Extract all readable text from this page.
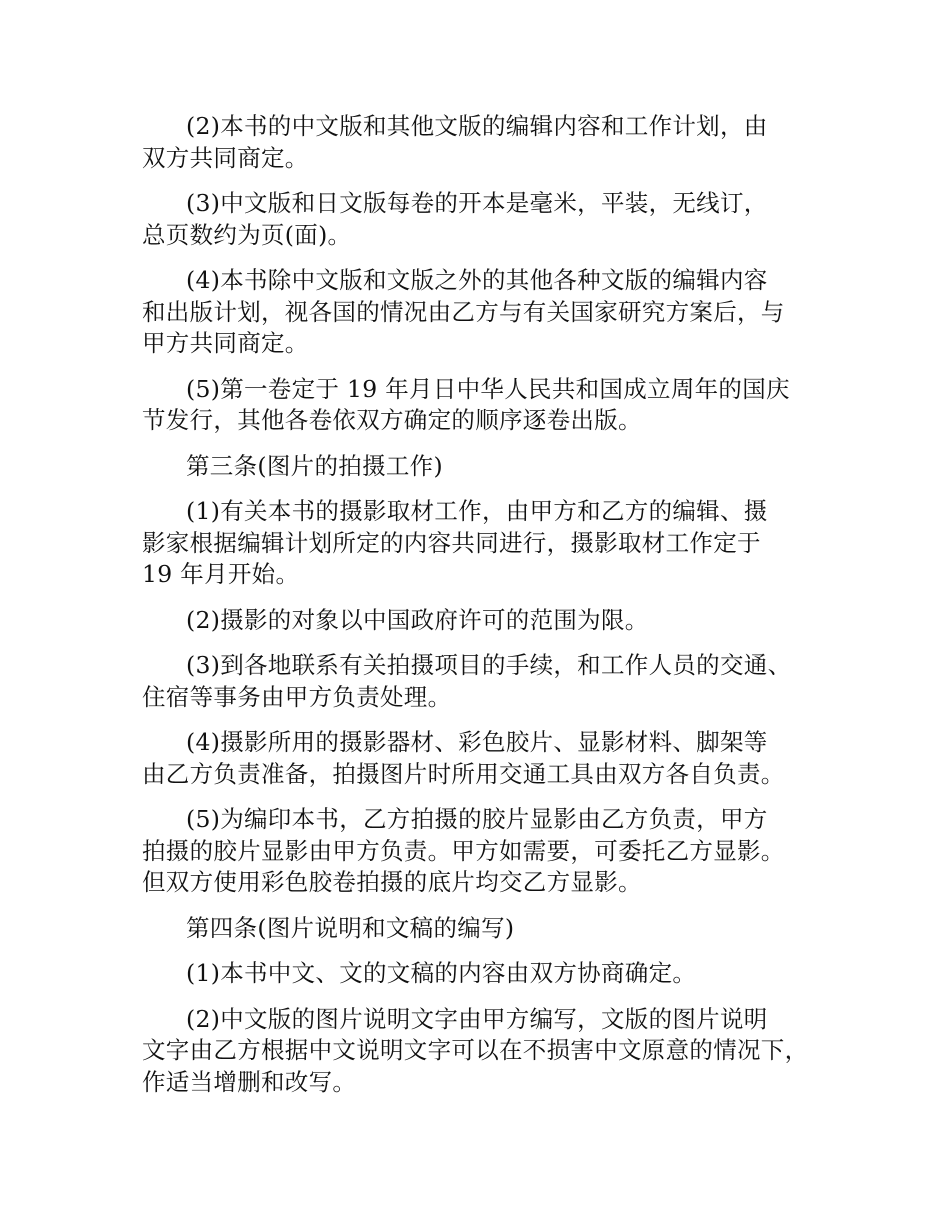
(2)本书的中文版和其他文版的编辑内容和工作计划，由
双方共同商定。

(3)中文版和日文版每卷的开本是毫米，平装，无线订，
总页数约为页(面)。

(4)本书除中文版和文版之外的其他各种文版的编辑内容
和出版计划，视各国的情况由乙方与有关国家研究方案后，与
甲方共同商定。

(5)第一卷定于 19 年月日中华人民共和国成立周年的国庆
节发行，其他各卷依双方确定的顺序逐卷出版。

第三条(图片的拍摄工作)

(1)有关本书的摄影取材工作，由甲方和乙方的编辑、摄
影家根据编辑计划所定的内容共同进行，摄影取材工作定于
19 年月开始。

(2)摄影的对象以中国政府许可的范围为限。

(3)到各地联系有关拍摄项目的手续，和工作人员的交通、
住宿等事务由甲方负责处理。

(4)摄影所用的摄影器材、彩色胶片、显影材料、脚架等
由乙方负责准备，拍摄图片时所用交通工具由双方各自负责。

(5)为编印本书，乙方拍摄的胶片显影由乙方负责，甲方
拍摄的胶片显影由甲方负责。甲方如需要，可委托乙方显影。
但双方使用彩色胶卷拍摄的底片均交乙方显影。

第四条(图片说明和文稿的编写)

(1)本书中文、文的文稿的内容由双方协商确定。

(2)中文版的图片说明文字由甲方编写，文版的图片说明
文字由乙方根据中文说明文字可以在不损害中文原意的情况下，
作适当增删和改写。
